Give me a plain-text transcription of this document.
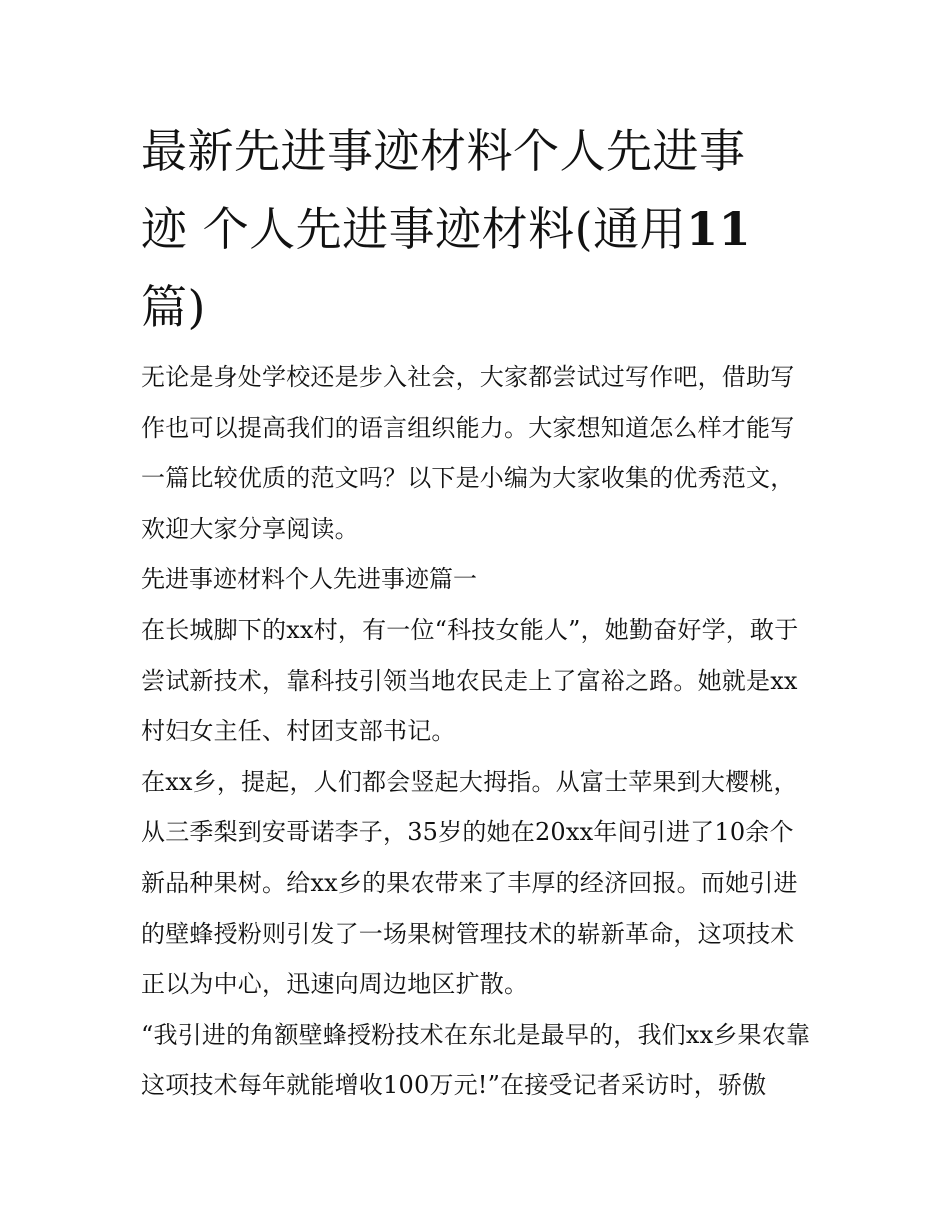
最新先进事迹材料个人先进事
迹 个人先进事迹材料(通用11
篇)

无论是身处学校还是步入社会，大家都尝试过写作吧，借助写作也可以提高我们的语言组织能力。大家想知道怎么样才能写一篇比较优质的范文吗？以下是小编为大家收集的优秀范文，欢迎大家分享阅读。

先进事迹材料个人先进事迹篇一

在长城脚下的xx村，有一位“科技女能人”，她勤奋好学，敢于尝试新技术，靠科技引领当地农民走上了富裕之路。她就是xx村妇女主任、村团支部书记。

在xx乡，提起，人们都会竖起大拇指。从富士苹果到大樱桃，从三季梨到安哥诺李子，35岁的她在20xx年间引进了10余个新品种果树。给xx乡的果农带来了丰厚的经济回报。而她引进的壁蜂授粉则引发了一场果树管理技术的崭新革命，这项技术正以为中心，迅速向周边地区扩散。

“我引进的角额壁蜂授粉技术在东北是最早的，我们xx乡果农靠这项技术每年就能增收100万元!”在接受记者采访时，骄傲
